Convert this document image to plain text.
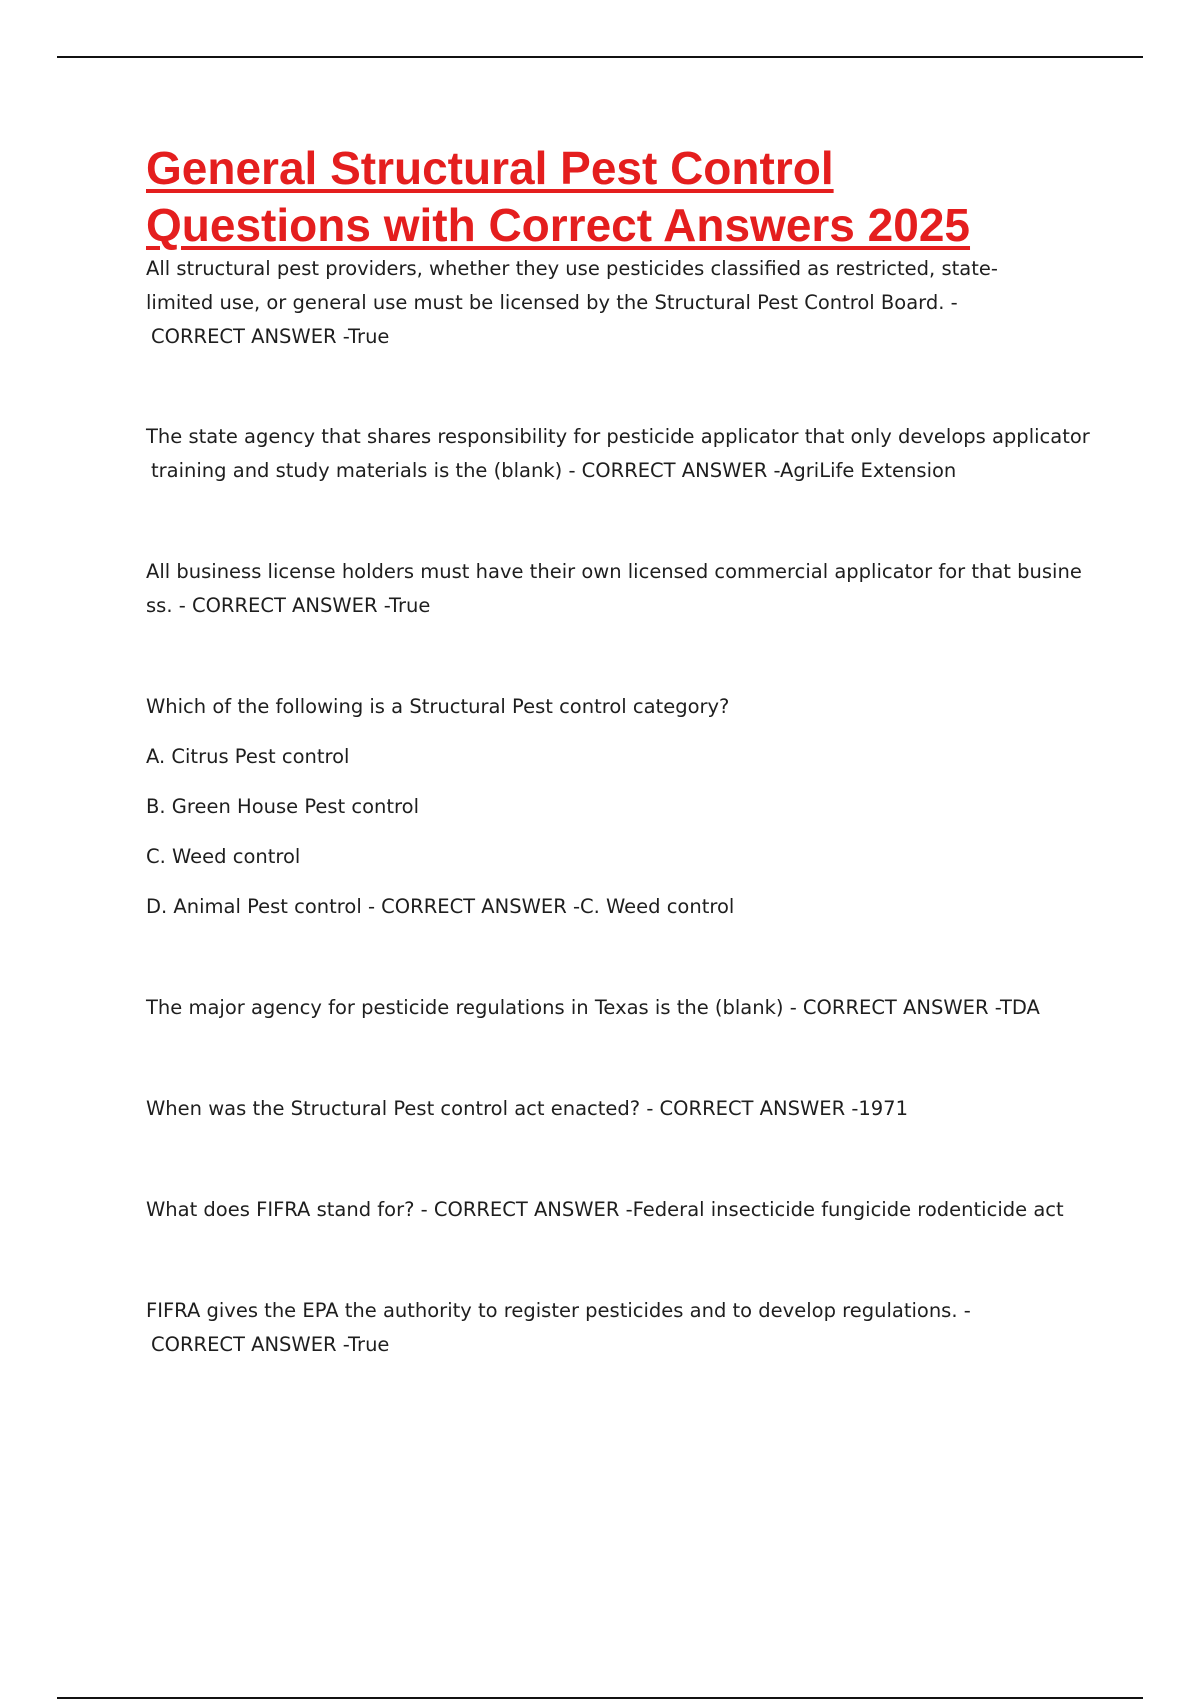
General Structural Pest Control

Questions with Correct Answers 2025

All structural pest providers, whether they use pesticides classified as restricted, state-
limited use, or general use must be licensed by the Structural Pest Control Board. -
CORRECT ANSWER -True

The state agency that shares responsibility for pesticide applicator that only develops applicator
training and study materials is the (blank) - CORRECT ANSWER -AgriLife Extension

All business license holders must have their own licensed commercial applicator for that busine
ss. - CORRECT ANSWER -True

Which of the following is a Structural Pest control category?
A. Citrus Pest control
B. Green House Pest control
C. Weed control
D. Animal Pest control - CORRECT ANSWER -C. Weed control

The major agency for pesticide regulations in Texas is the (blank) - CORRECT ANSWER -TDA

When was the Structural Pest control act enacted? - CORRECT ANSWER -1971

What does FIFRA stand for? - CORRECT ANSWER -Federal insecticide fungicide rodenticide act

FIFRA gives the EPA the authority to register pesticides and to develop regulations. -
CORRECT ANSWER -True
